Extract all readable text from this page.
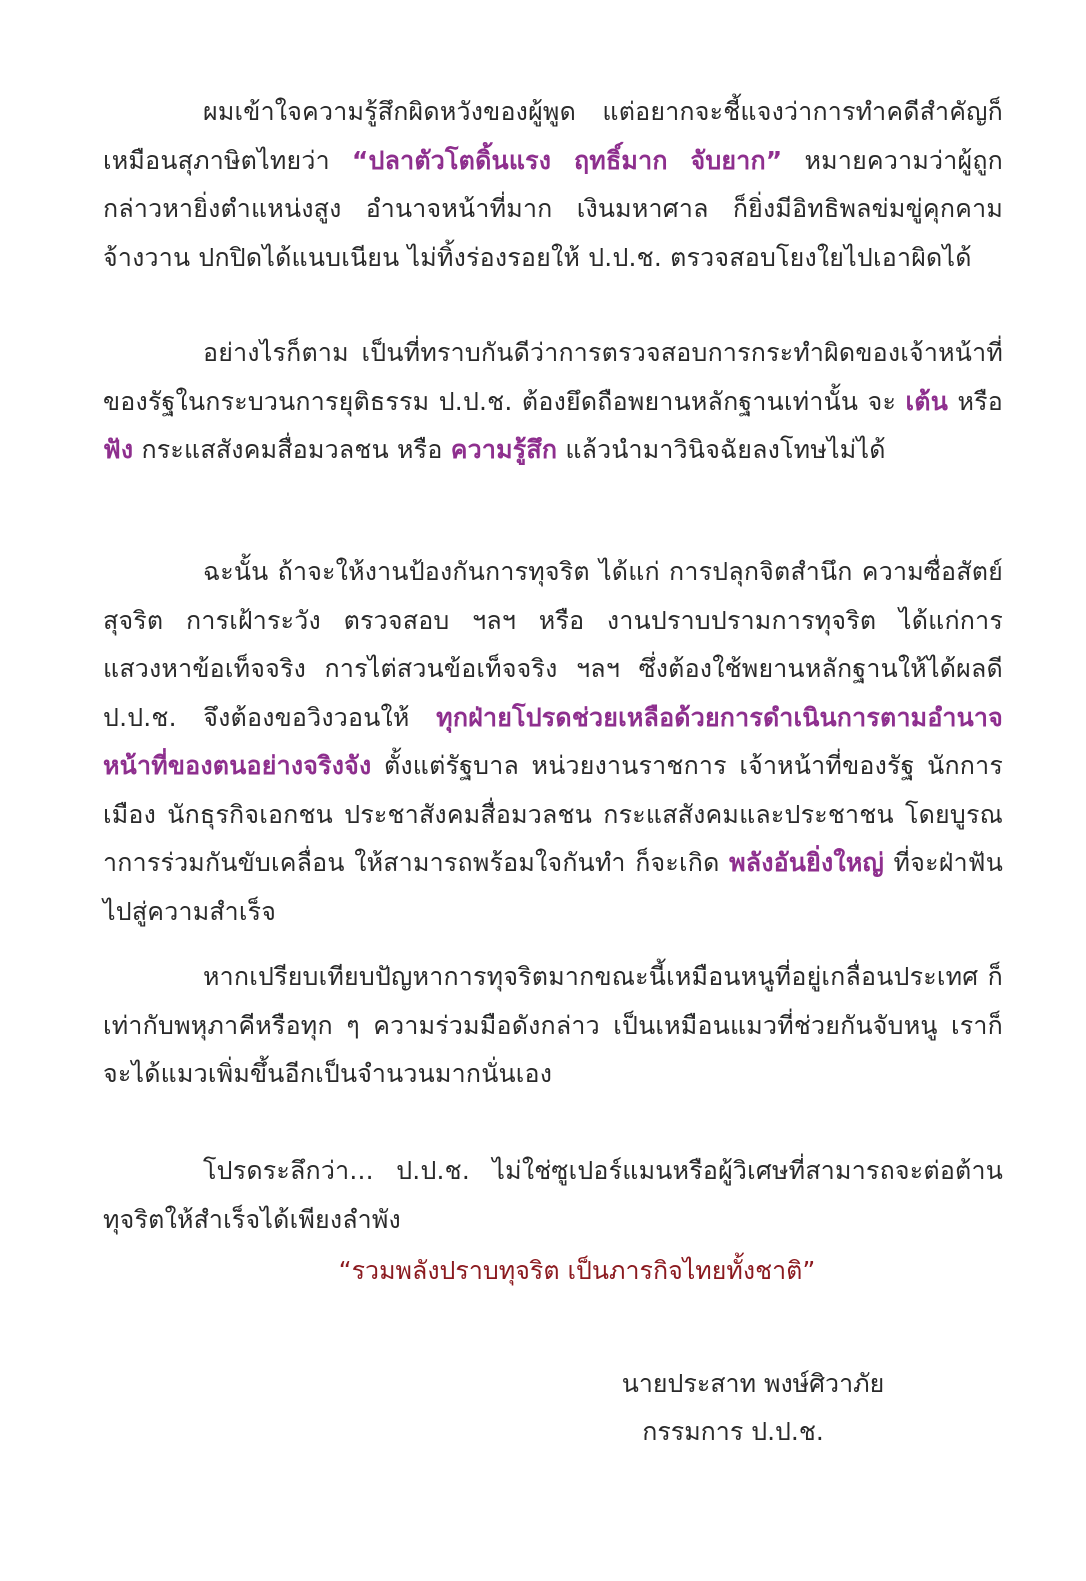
ผมเข้าใจความรู้สึกผิดหวังของผู้พูด แต่อยากจะชี้แจงว่าการทำคดีสำคัญก็เหมือนสุภาษิตไทยว่า “ปลาตัวโตดิ้นแรง ฤทธิ์มาก จับยาก” หมายความว่าผู้ถูกกล่าวหายิ่งตำแหน่งสูง อำนาจหน้าที่มาก เงินมหาศาล ก็ยิ่งมีอิทธิพลข่มขู่คุกคาม จ้างวาน ปกปิดได้แนบเนียน ไม่ทิ้งร่องรอยให้ ป.ป.ช. ตรวจสอบโยงใยไปเอาผิดได้

อย่างไรก็ตาม เป็นที่ทราบกันดีว่าการตรวจสอบการกระทำผิดของเจ้าหน้าที่ของรัฐในกระบวนการยุติธรรม ป.ป.ช. ต้องยึดถือพยานหลักฐานเท่านั้น จะ เต้น หรือ ฟัง กระแสสังคมสื่อมวลชน หรือ ความรู้สึก แล้วนำมาวินิจฉัยลงโทษไม่ได้

ฉะนั้น ถ้าจะให้งานป้องกันการทุจริต ได้แก่ การปลุกจิตสำนึก ความซื่อสัตย์สุจริต การเฝ้าระวัง ตรวจสอบ ฯลฯ หรือ งานปราบปรามการทุจริต ได้แก่การแสวงหาข้อเท็จจริง การไต่สวนข้อเท็จจริง ฯลฯ ซึ่งต้องใช้พยานหลักฐานให้ได้ผลดี ป.ป.ช. จึงต้องขอวิงวอนให้ ทุกฝ่ายโปรดช่วยเหลือด้วยการดำเนินการตามอำนาจหน้าที่ของตนอย่างจริงจัง ตั้งแต่รัฐบาล หน่วยงานราชการ เจ้าหน้าที่ของรัฐ นักการเมือง นักธุรกิจเอกชน ประชาสังคมสื่อมวลชน กระแสสังคมและประชาชน โดยบูรณาการร่วมกันขับเคลื่อน ให้สามารถพร้อมใจกันทำ ก็จะเกิด พลังอันยิ่งใหญ่ ที่จะฝ่าฟันไปสู่ความสำเร็จ

หากเปรียบเทียบปัญหาการทุจริตมากขณะนี้เหมือนหนูที่อยู่เกลื่อนประเทศ ก็เท่ากับพหุภาคีหรือทุก ๆ ความร่วมมือดังกล่าว เป็นเหมือนแมวที่ช่วยกันจับหนู เราก็จะได้แมวเพิ่มขึ้นอีกเป็นจำนวนมากนั่นเอง

โปรดระลึกว่า... ป.ป.ช. ไม่ใช่ซูเปอร์แมนหรือผู้วิเศษที่สามารถจะต่อต้านทุจริตให้สำเร็จได้เพียงลำพัง

“รวมพลังปราบทุจริต เป็นภารกิจไทยทั้งชาติ”
นายประสาท พงษ์ศิวาภัย
กรรมการ ป.ป.ช.
